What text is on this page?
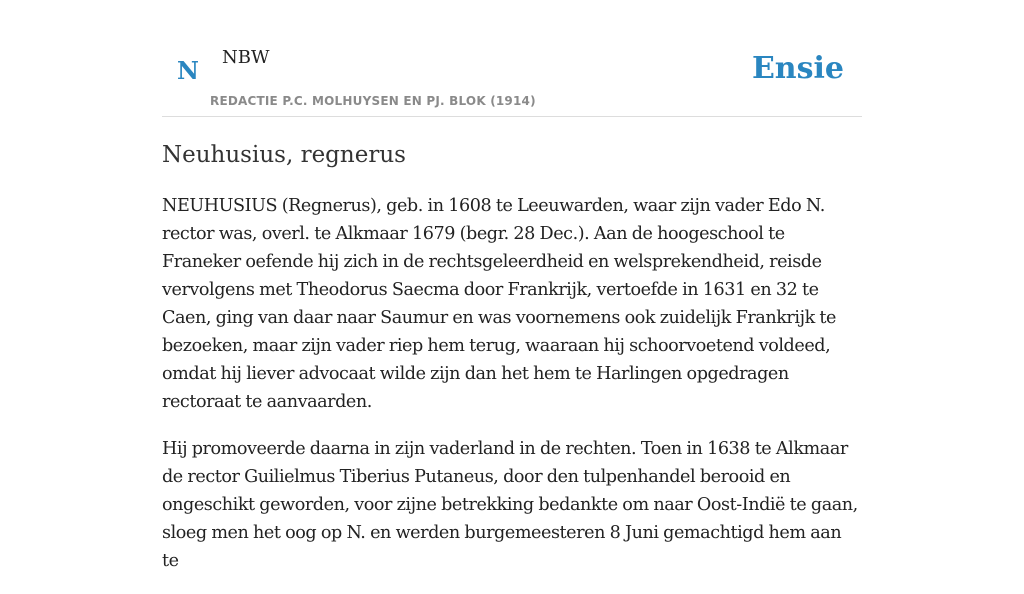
N NBW
REDACTIE P.C. MOLHUYSEN EN PJ. BLOK (1914)
Ensie
Neuhusius, regnerus

NEUHUSIUS (Regnerus), geb. in 1608 te Leeuwarden, waar zijn vader Edo N. rector was, overl. te Alkmaar 1679 (begr. 28 Dec.). Aan de hoogeschool te Franeker oefende hij zich in de rechtsgeleerdheid en welsprekendheid, reisde vervolgens met Theodorus Saecma door Frankrijk, vertoefde in 1631 en 32 te Caen, ging van daar naar Saumur en was voornemens ook zuidelijk Frankrijk te bezoeken, maar zijn vader riep hem terug, waaraan hij schoorvoetend voldeed, omdat hij liever advocaat wilde zijn dan het hem te Harlingen opgedragen rectoraat te aanvaarden.

Hij promoveerde daarna in zijn vaderland in de rechten. Toen in 1638 te Alkmaar de rector Guilielmus Tiberius Putaneus, door den tulpenhandel berooid en ongeschikt geworden, voor zijne betrekking bedankte om naar Oost-Indië te gaan, sloeg men het oog op N. en werden burgemeesteren 8 Juni gemachtigd hem aan te
